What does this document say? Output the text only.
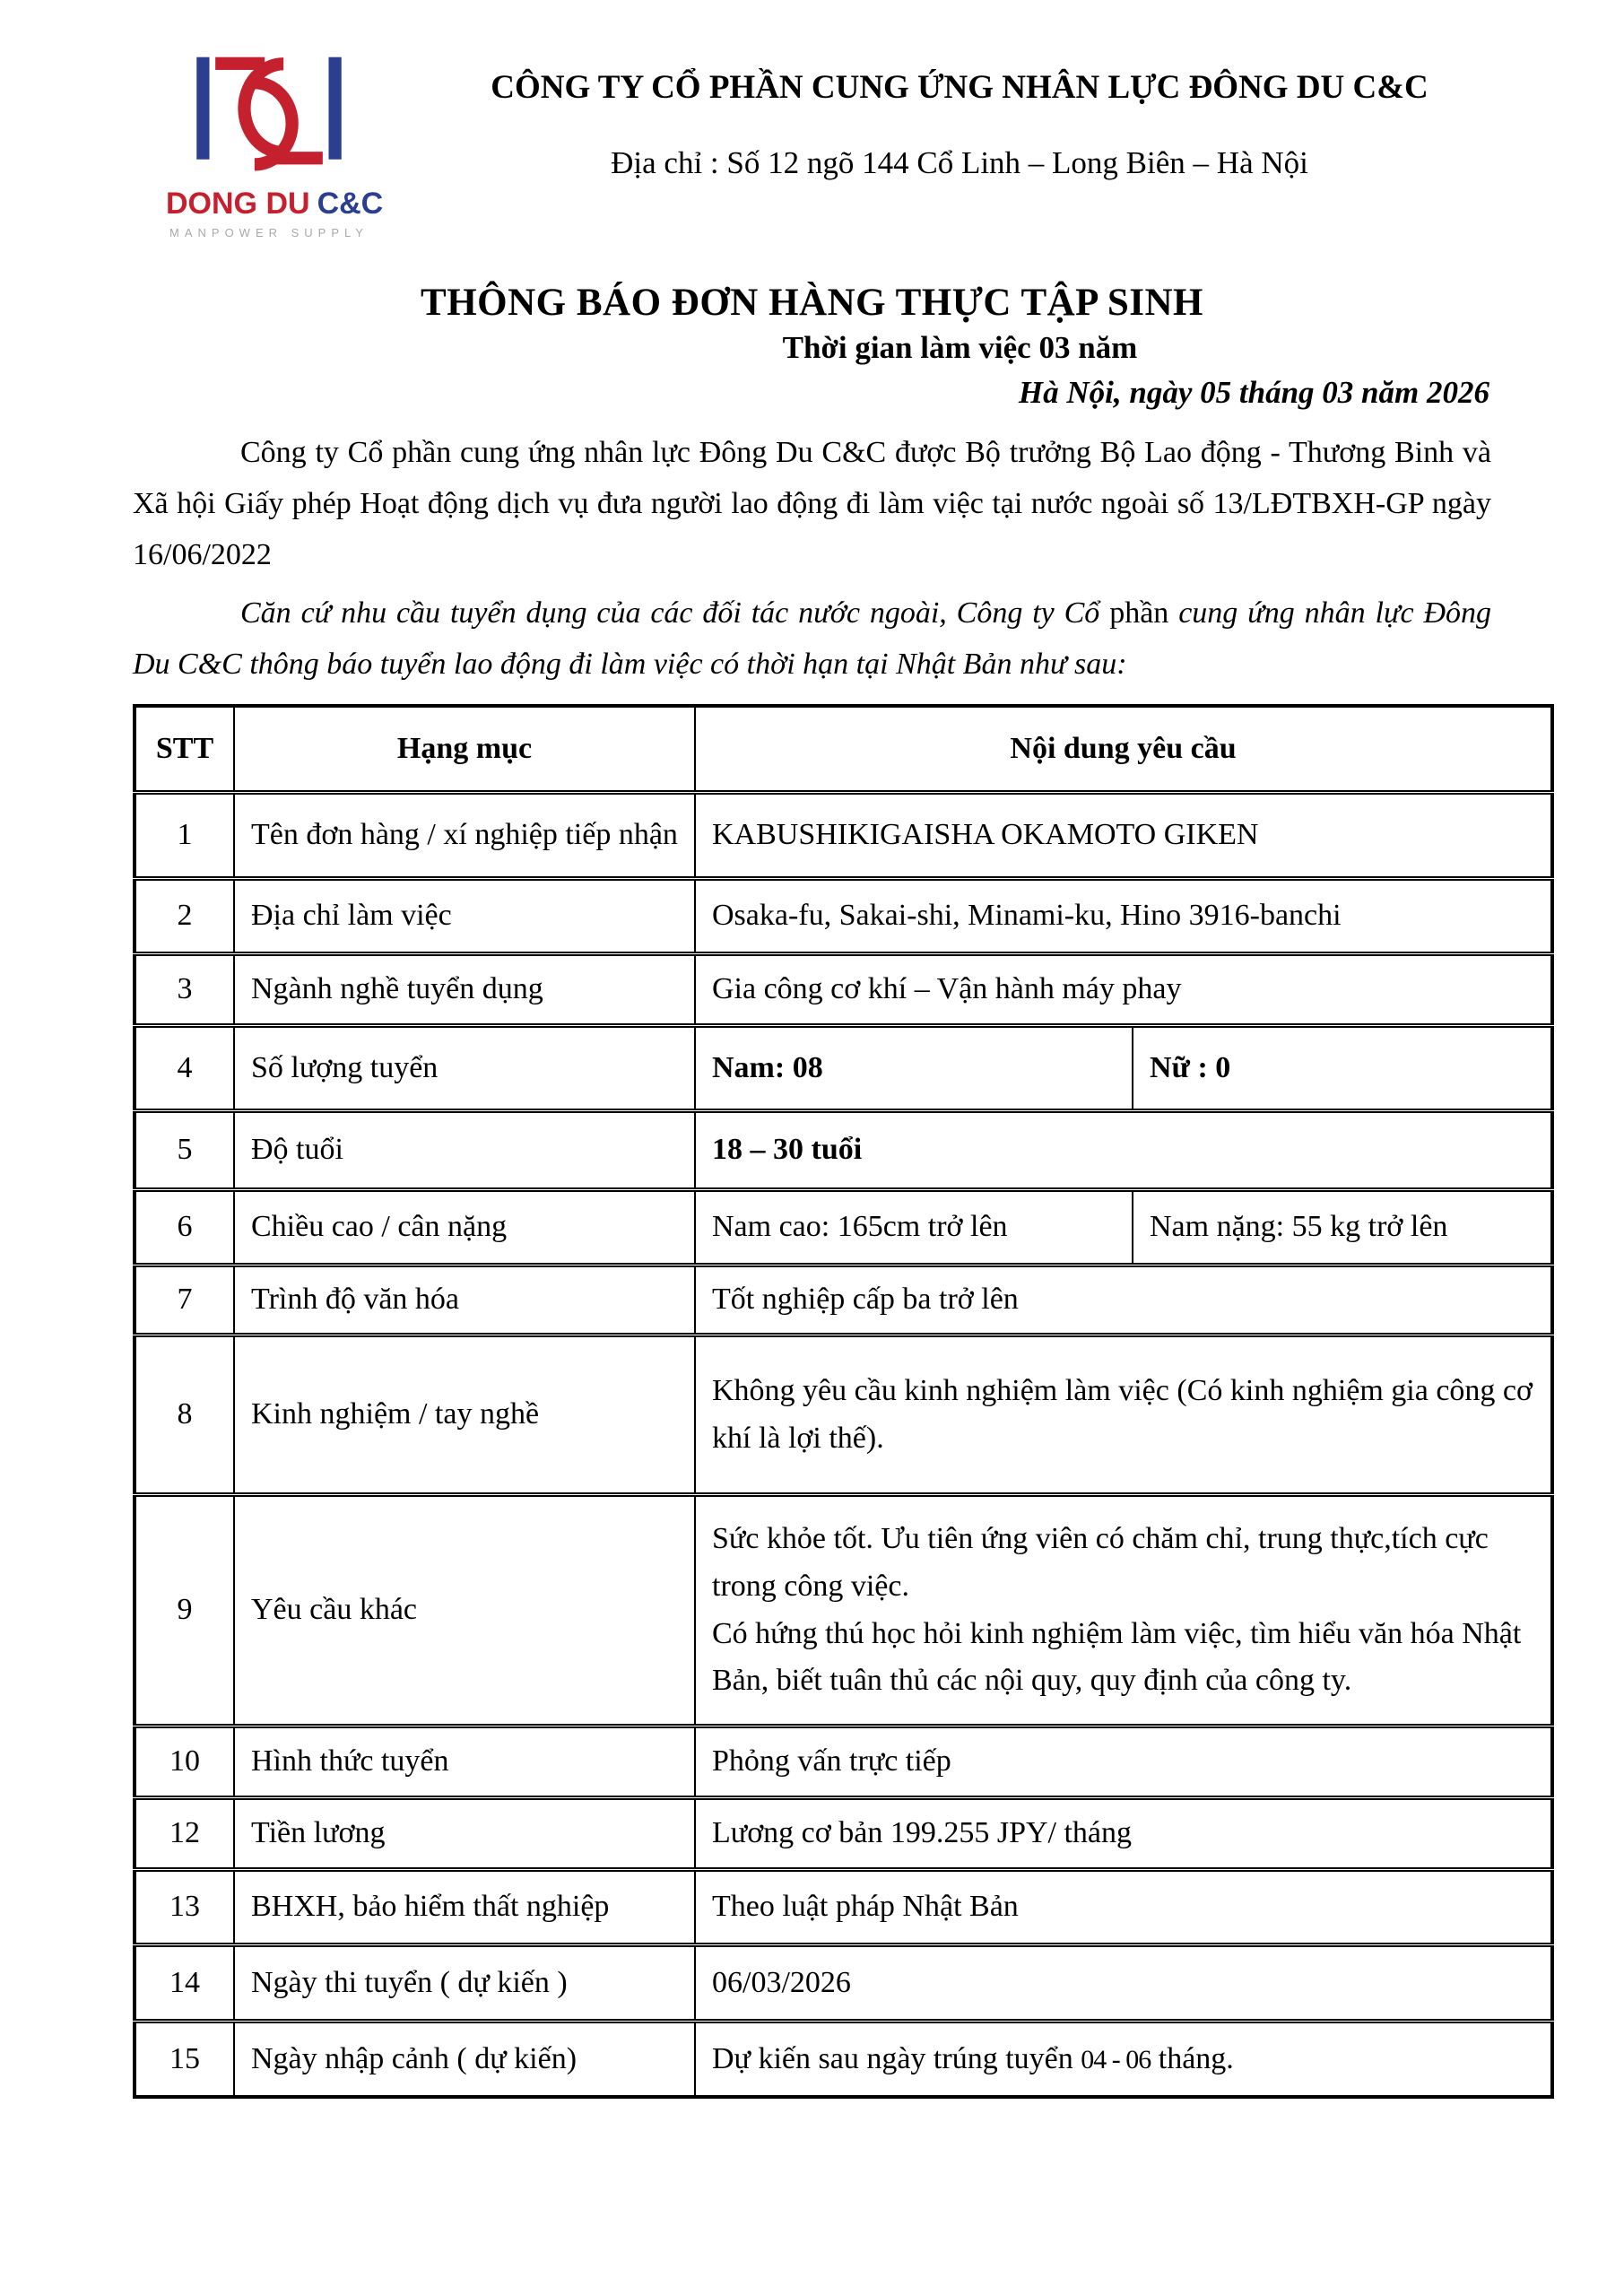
DONG DU C&C
MANPOWER SUPPLY
CÔNG TY CỔ PHẦN CUNG ỨNG NHÂN LỰC ĐÔNG DU C&C
Địa chỉ : Số 12 ngõ 144 Cổ Linh – Long Biên – Hà Nội
THÔNG BÁO ĐƠN HÀNG THỰC TẬP SINH
Thời gian làm việc 03 năm
Hà Nội, ngày 05 tháng 03 năm 2026

Công ty Cổ phần cung ứng nhân lực Đông Du C&C được Bộ trưởng Bộ Lao động - Thương Binh và Xã hội Giấy phép Hoạt động dịch vụ đưa người lao động đi làm việc tại nước ngoài số 13/LĐTBXH-GP ngày 16/06/2022

Căn cứ nhu cầu tuyển dụng của các đối tác nước ngoài, Công ty Cổ phần cung ứng nhân lực Đông Du C&C thông báo tuyển lao động đi làm việc có thời hạn tại Nhật Bản như sau:

STT	Hạng mục	Nội dung yêu cầu	
1	Tên đơn hàng / xí nghiệp tiếp nhận	KABUSHIKIGAISHA OKAMOTO GIKEN	
2	Địa chỉ làm việc	Osaka-fu, Sakai-shi, Minami-ku, Hino 3916-banchi	
3	Ngành nghề tuyển dụng	Gia công cơ khí – Vận hành máy phay	
4	Số lượng tuyển	Nam: 08	Nữ : 0
5	Độ tuổi	18 – 30 tuổi	
6	Chiều cao / cân nặng	Nam cao: 165cm trở lên	Nam nặng: 55 kg trở lên
7	Trình độ văn hóa	Tốt nghiệp cấp ba trở lên	
8	Kinh nghiệm / tay nghề	Không yêu cầu kinh nghiệm làm việc (Có kinh nghiệm gia công cơ khí là lợi thế).	
9	Yêu cầu khác	Sức khỏe tốt. Ưu tiên ứng viên có chăm chỉ, trung thực,tích cực trong công việc.
Có hứng thú học hỏi kinh nghiệm làm việc, tìm hiểu văn hóa Nhật Bản, biết tuân thủ các nội quy, quy định của công ty.	

10	Hình thức tuyển	Phỏng vấn trực tiếp	
12	Tiền lương	Lương cơ bản 199.255 JPY/ tháng	
13	BHXH, bảo hiểm thất nghiệp	Theo luật pháp Nhật Bản	
14	Ngày thi tuyển ( dự kiến )	06/03/2026	
15	Ngày nhập cảnh ( dự kiến)	Dự kiến sau ngày trúng tuyển 04 - 06 tháng.	
